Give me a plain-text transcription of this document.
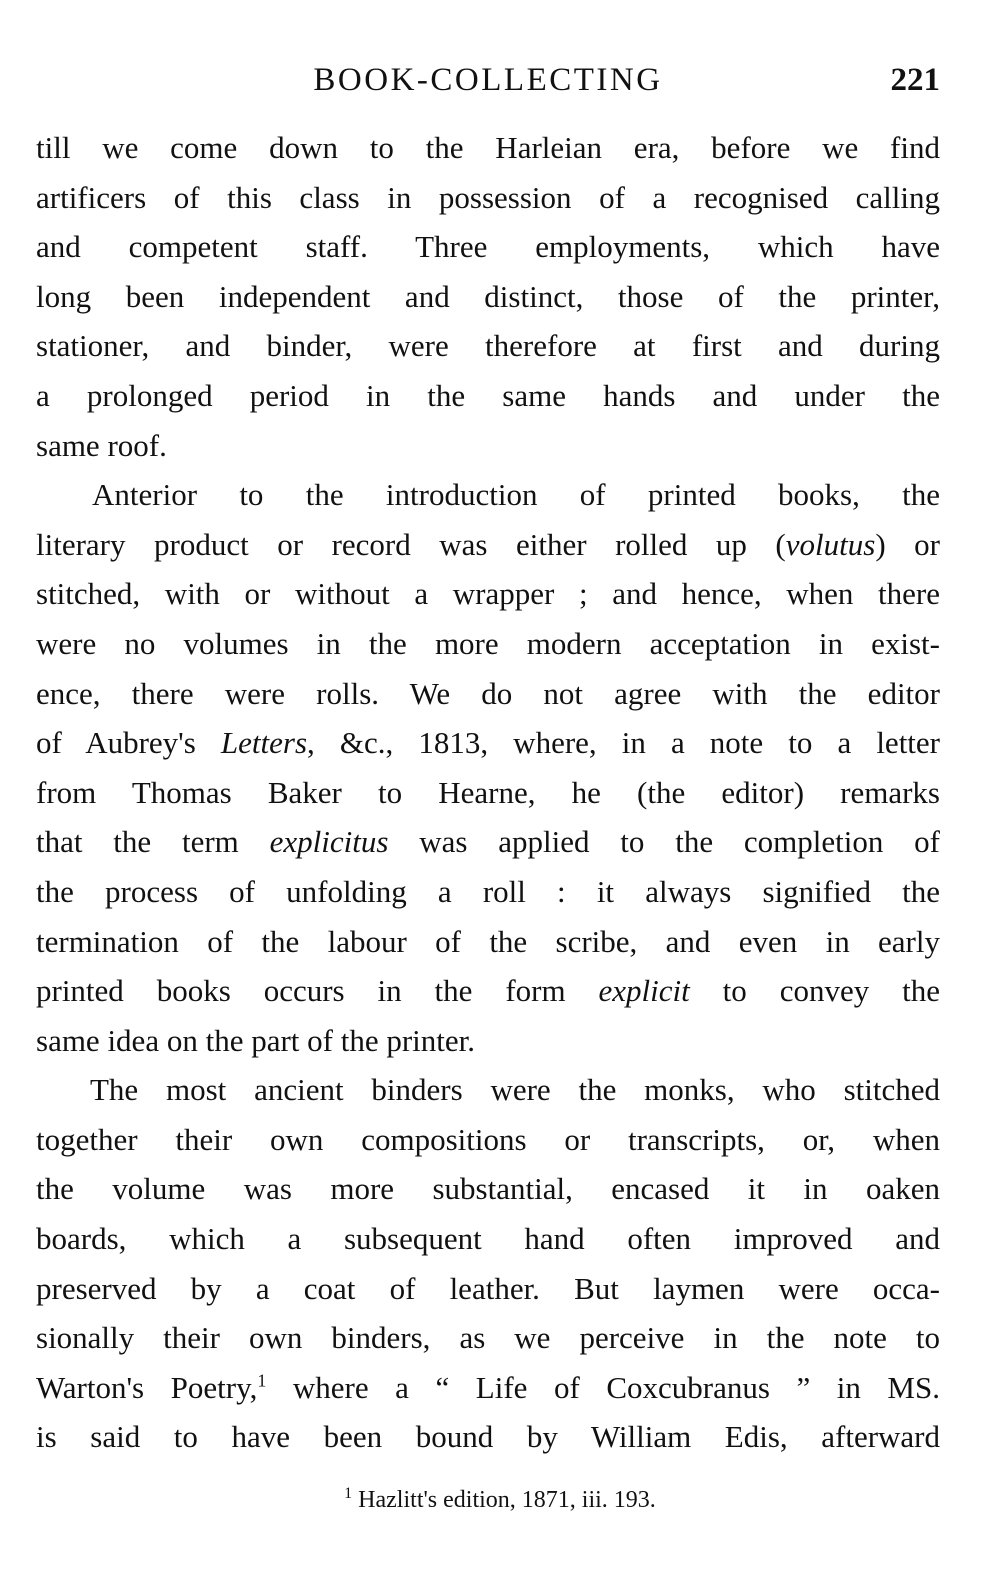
BOOK-COLLECTING	221
till we come down to the Harleian era, before we find
artificers of this class in possession of a recognised calling
and competent staff. Three employments, which have
long been independent and distinct, those of the printer,
stationer, and binder, were therefore at first and during
a prolonged period in the same hands and under the
same roof.
Anterior to the introduction of printed books, the
literary product or record was either rolled up (volutus) or
stitched, with or without a wrapper ; and hence, when there
were no volumes in the more modern acceptation in exist-
ence, there were rolls. We do not agree with the editor
of Aubrey's Letters, &c., 1813, where, in a note to a letter
from Thomas Baker to Hearne, he (the editor) remarks
that the term explicitus was applied to the completion of
the process of unfolding a roll : it always signified the
termination of the labour of the scribe, and even in early
printed books occurs in the form explicit to convey the
same idea on the part of the printer.
The most ancient binders were the monks, who stitched
together their own compositions or transcripts, or, when
the volume was more substantial, encased it in oaken
boards, which a subsequent hand often improved and
preserved by a coat of leather. But laymen were occa-
sionally their own binders, as we perceive in the note to
Warton's Poetry,$^1$ where a “ Life of Coxcubranus ” in MS.
is said to have been bound by William Edis, afterward
$^1$ Hazlitt's edition, 1871, iii. 193.
